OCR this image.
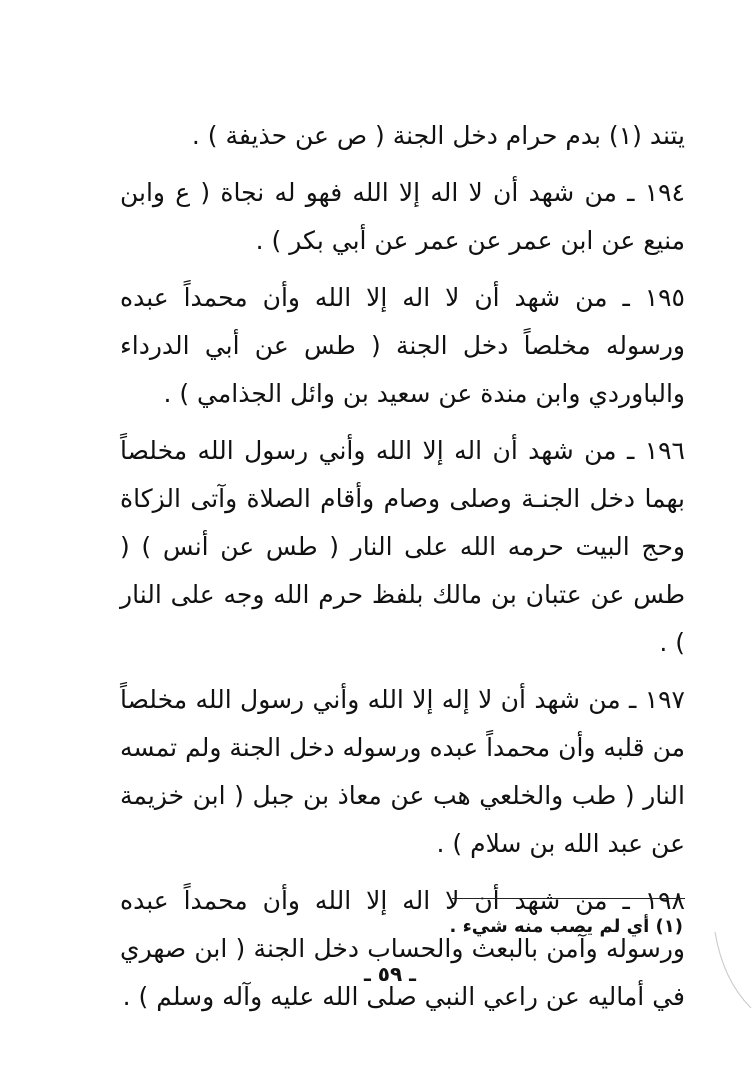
يتند (١) بدم حرام دخل الجنة ( ص عن حذيفة ) .

١٩٤ ـ من شهد أن لا اله إلا الله فهو له نجاة ( ع وابن منيع عن ابن عمر عن عمر عن أبي بكر ) .

١٩٥ ـ من شهد أن لا اله إلا الله وأن محمداً عبده ورسوله مخلصاً دخل الجنة ( طس عن أبي الدرداء والباوردي وابن مندة عن سعيد بن وائل الجذامي ) .

١٩٦ ـ من شهد أن اله إلا الله وأني رسول الله مخلصاً بهما دخل الجنـة وصلى وصام وأقام الصلاة وآتى الزكاة وحج البيت حرمه الله على النار ( طس عن أنس ) ( طس عن عتبان بن مالك بلفظ حرم الله وجه على النار ) .

١٩٧ ـ من شهد أن لا إله إلا الله وأني رسول الله مخلصاً من قلبه وأن محمداً عبده ورسوله دخل الجنة ولم تمسه النار ( طب والخلعي هب عن معاذ بن جبل ( ابن خزيمة عن عبد الله بن سلام ) .

١٩٨ ـ من شهد أن لا اله إلا الله وأن محمداً عبده ورسوله وآمن بالبعث والحساب دخل الجنة ( ابن صهري في أماليه عن راعي النبي صلى الله عليه وآله وسلم ) .

(١) أي لم يصب منه شيء .
ـ ٥٩ ـ
